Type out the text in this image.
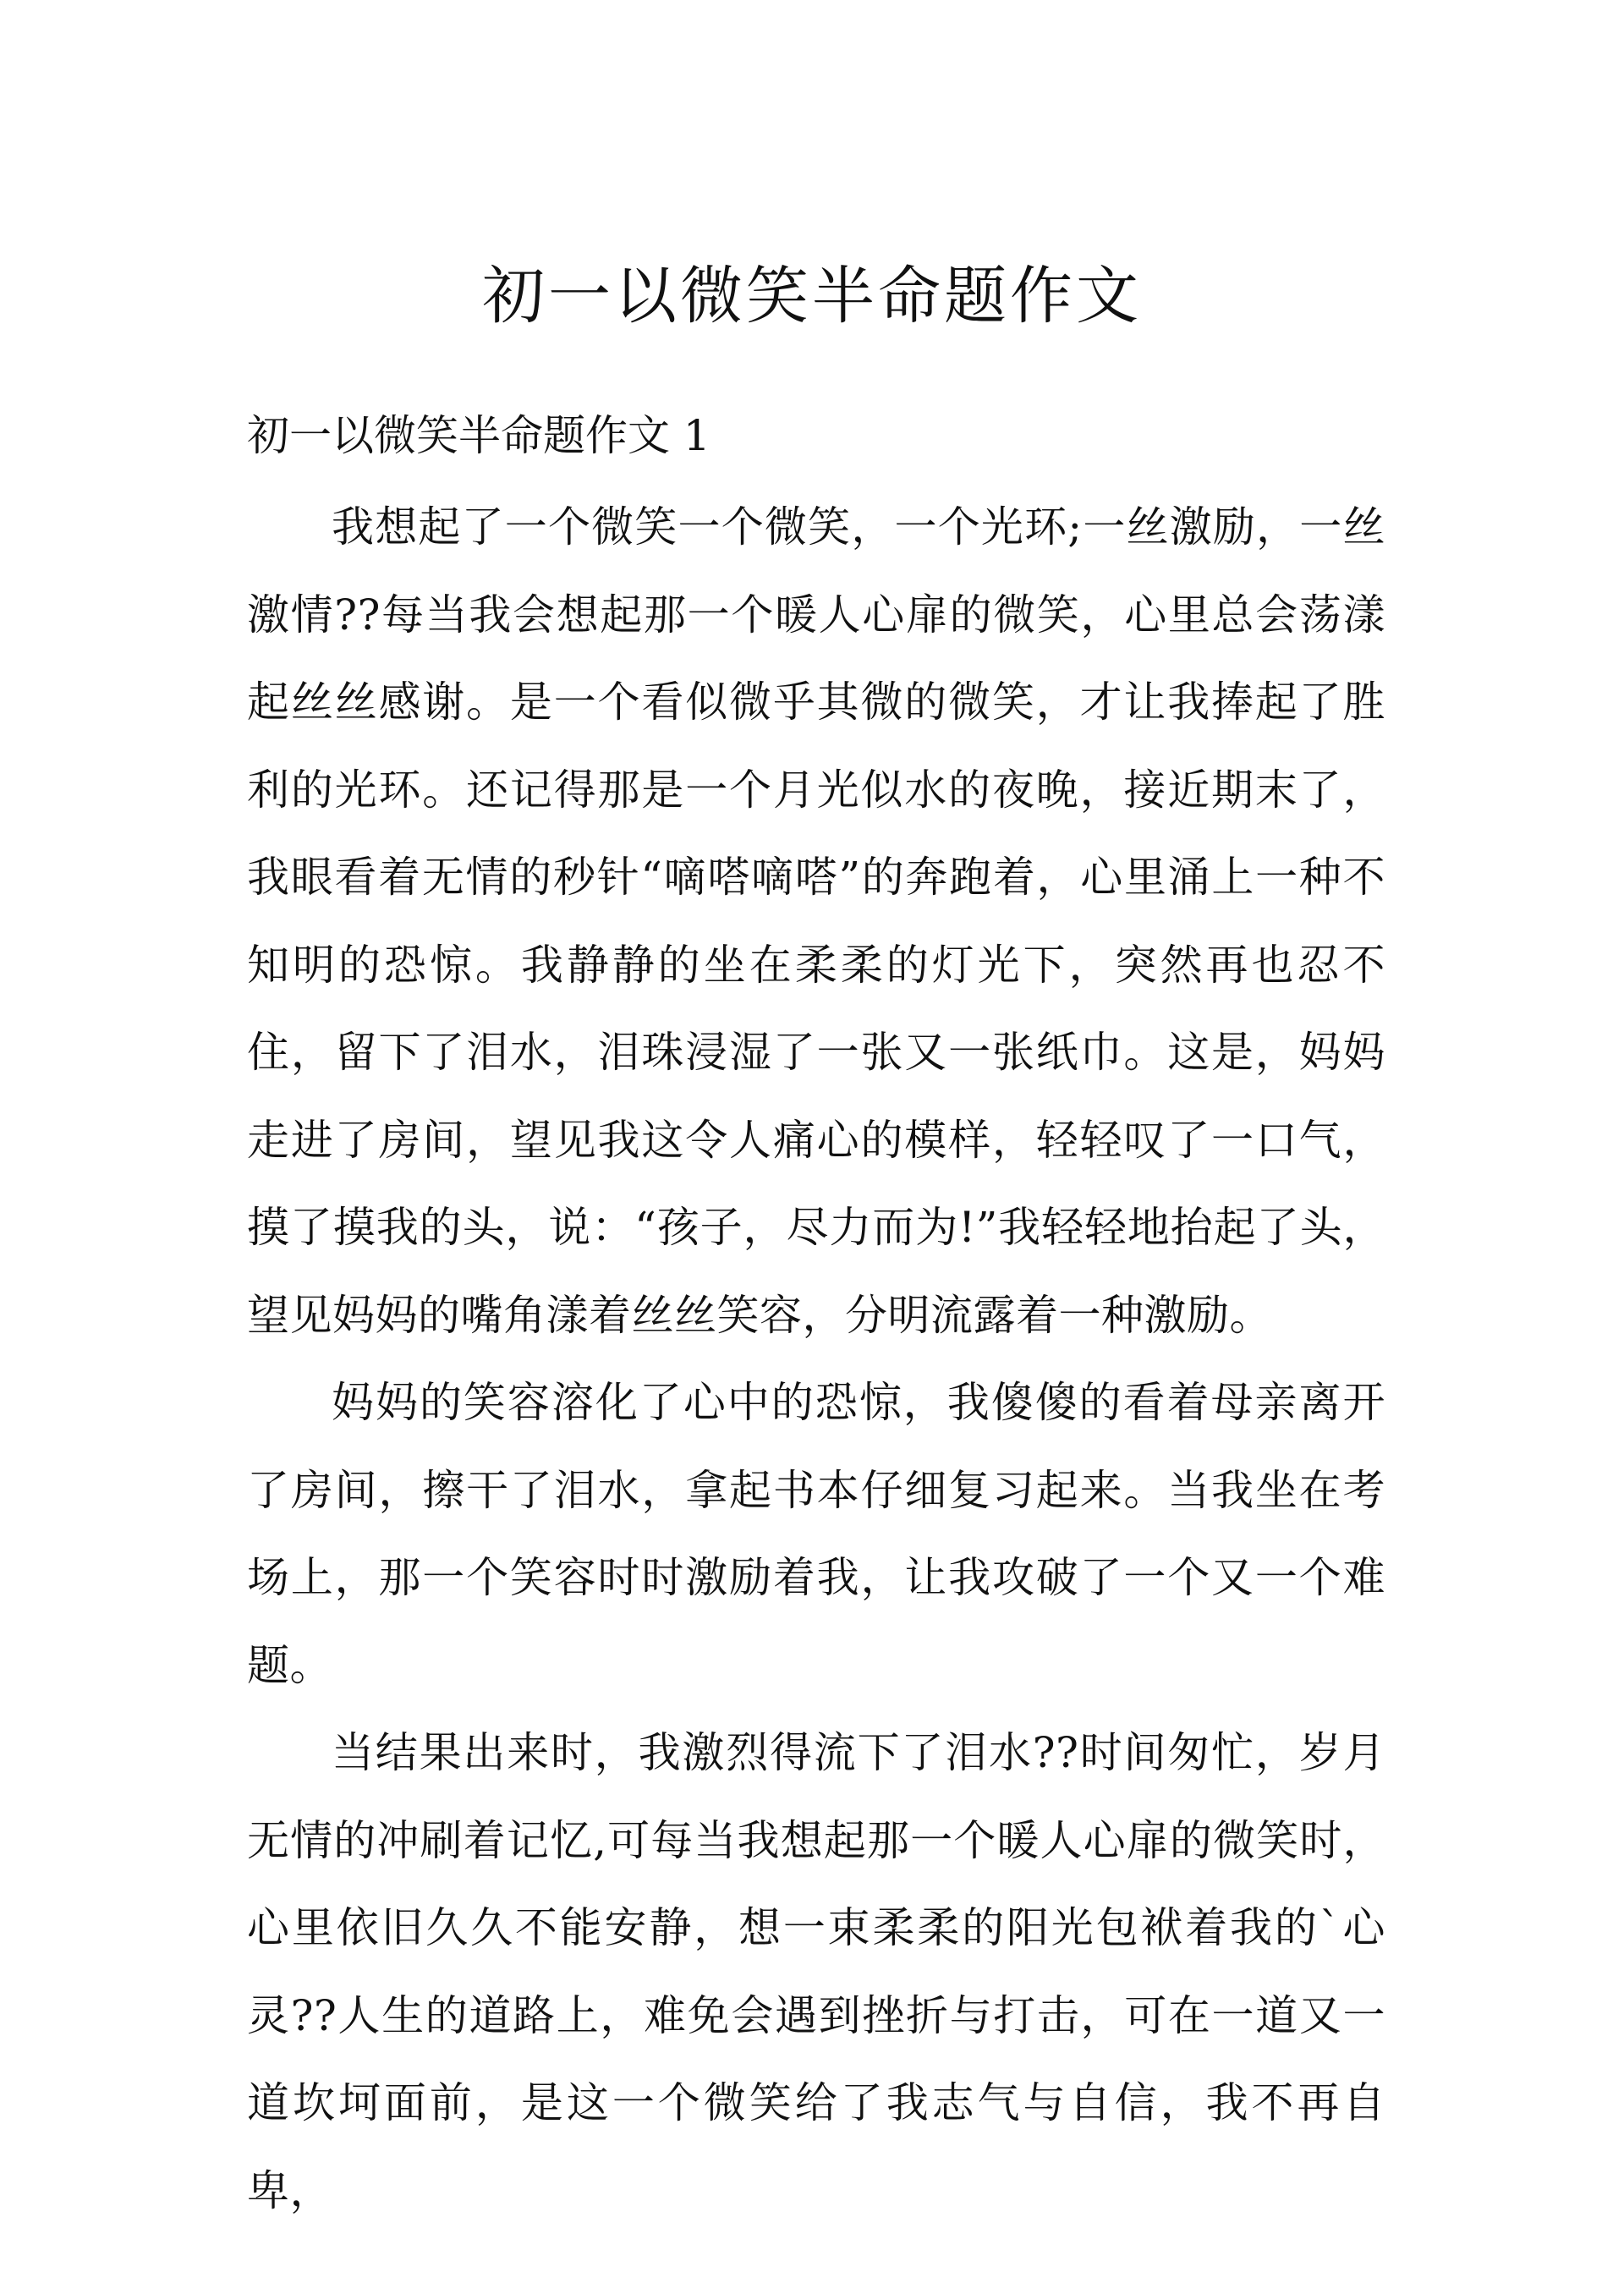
初一以微笑半命题作文

初一以微笑半命题作文 1

我想起了一个微笑一个微笑，一个光环;一丝激励，一丝激情??每当我会想起那一个暖人心扉的微笑，心里总会荡漾起丝丝感谢。是一个看似微乎其微的微笑，才让我捧起了胜利的光环。还记得那是一个月光似水的夜晚，接近期末了，我眼看着无情的秒针“嘀嗒嘀嗒”的奔跑着，心里涌上一种不知明的恐惊。我静静的坐在柔柔的灯光下，突然再也忍不住，留下了泪水，泪珠浸湿了一张又一张纸巾。这是，妈妈走进了房间，望见我这令人痛心的模样，轻轻叹了一口气，摸了摸我的头，说：“孩子，尽力而为!”我轻轻地抬起了头，望见妈妈的嘴角漾着丝丝笑容，分明流露着一种激励。

妈妈的笑容溶化了心中的恐惊，我傻傻的看着母亲离开了房间，擦干了泪水，拿起书本仔细复习起来。当我坐在考场上，那一个笑容时时激励着我，让我攻破了一个又一个难题。

当结果出来时，我激烈得流下了泪水??时间匆忙，岁月无情的冲刷着记忆,可每当我想起那一个暖人心扉的微笑时，心里依旧久久不能安静，想一束柔柔的阳光包袱着我的`心灵??人生的道路上，难免会遇到挫折与打击，可在一道又一道坎坷面前，是这一个微笑给了我志气与自信，我不再自卑，
